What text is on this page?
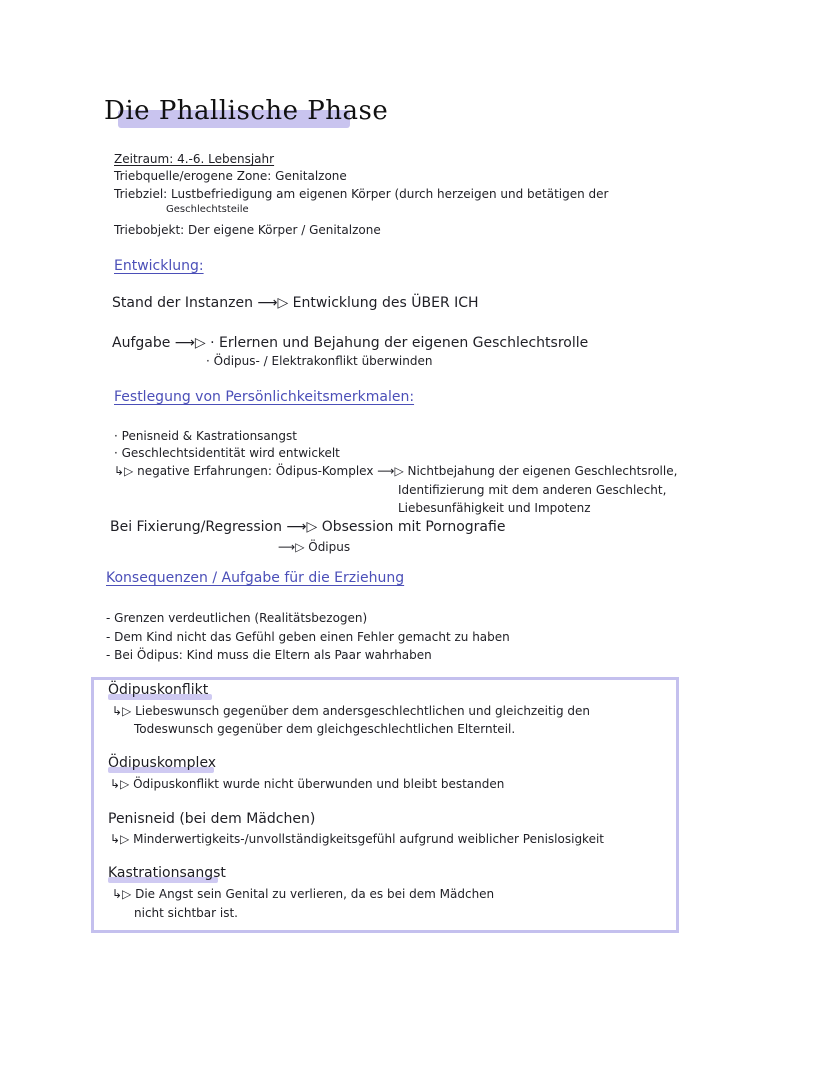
Die Phallische Phase

Zeitraum: 4.-6. Lebensjahr

Triebquelle/erogene Zone: Genitalzone

Triebziel: Lustbefriedigung am eigenen Körper (durch herzeigen und betätigen der

Geschlechtsteile

Triebobjekt: Der eigene Körper / Genitalzone

Entwicklung:

Stand der Instanzen ⟶▷ Entwicklung des ÜBER ICH

Aufgabe ⟶▷ · Erlernen und Bejahung der eigenen Geschlechtsrolle

· Ödipus- / Elektrakonflikt überwinden

Festlegung von Persönlichkeitsmerkmalen:

· Penisneid & Kastrationsangst

· Geschlechtsidentität wird entwickelt

↳▷ negative Erfahrungen: Ödipus-Komplex ⟶▷ Nichtbejahung der eigenen Geschlechtsrolle,

Identifizierung mit dem anderen Geschlecht,

Liebesunfähigkeit und Impotenz

Bei Fixierung/Regression ⟶▷ Obsession mit Pornografie

⟶▷ Ödipus

Konsequenzen / Aufgabe für die Erziehung

- Grenzen verdeutlichen (Realitätsbezogen)

- Dem Kind nicht das Gefühl geben einen Fehler gemacht zu haben

- Bei Ödipus: Kind muss die Eltern als Paar wahrhaben

Ödipuskonflikt

↳▷ Liebeswunsch gegenüber dem andersgeschlechtlichen und gleichzeitig den

Todeswunsch gegenüber dem gleichgeschlechtlichen Elternteil.

Ödipuskomplex

↳▷ Ödipuskonflikt wurde nicht überwunden und bleibt bestanden

Penisneid (bei dem Mädchen)

↳▷ Minderwertigkeits-/unvollständigkeitsgefühl aufgrund weiblicher Penislosigkeit

Kastrationsangst

↳▷ Die Angst sein Genital zu verlieren, da es bei dem Mädchen

nicht sichtbar ist.
